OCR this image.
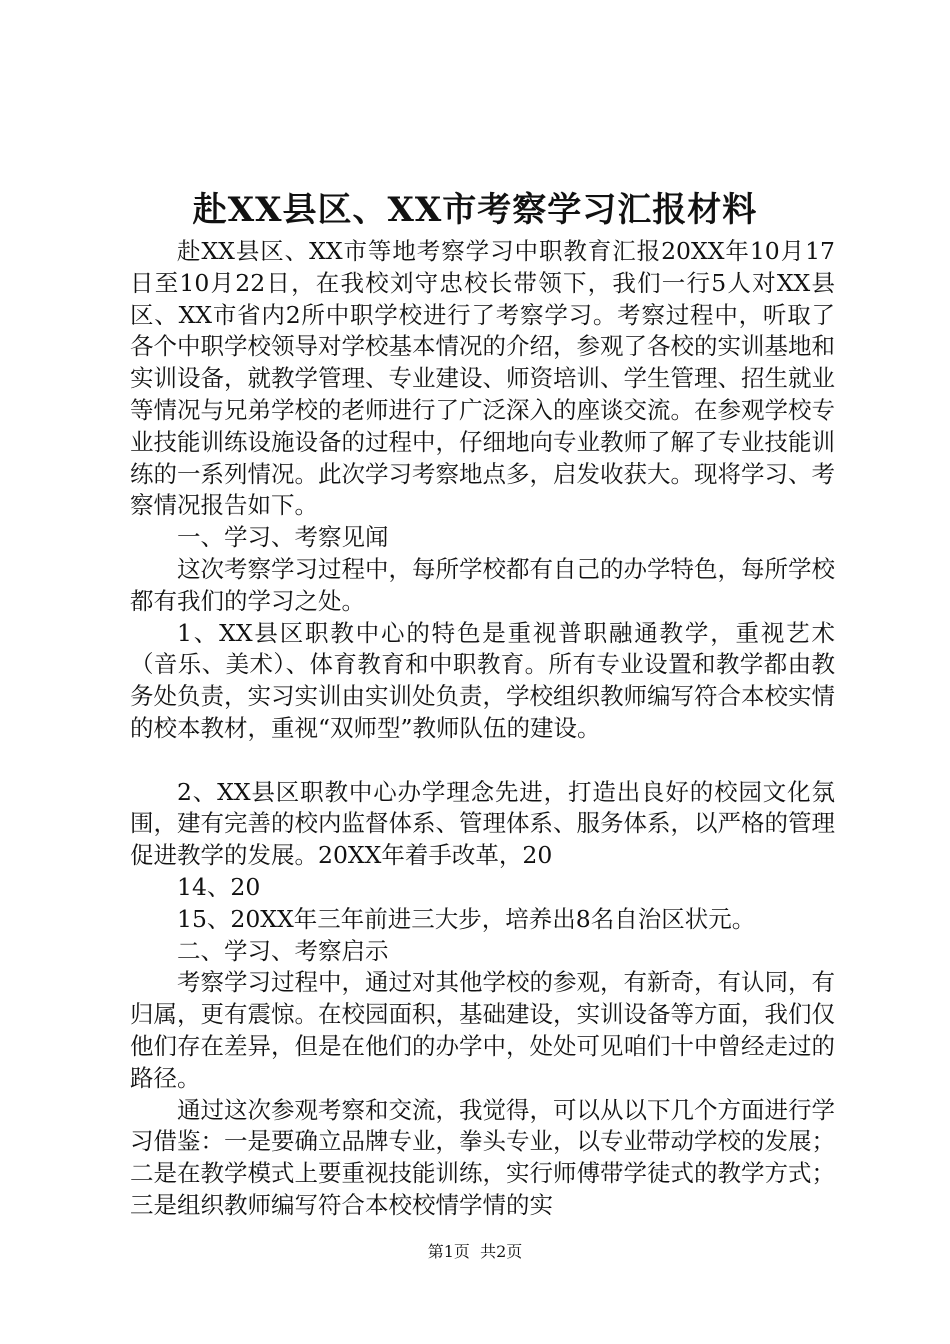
赴XX县区、XX市考察学习汇报材料

赴XX县区、XX市等地考察学习中职教育汇报20XX年10月17日至10月22日，在我校刘守忠校长带领下，我们一行5人对XX县区、XX市省内2所中职学校进行了考察学习。考察过程中，听取了各个中职学校领导对学校基本情况的介绍，参观了各校的实训基地和实训设备，就教学管理、专业建设、师资培训、学生管理、招生就业等情况与兄弟学校的老师进行了广泛深入的座谈交流。在参观学校专业技能训练设施设备的过程中，仔细地向专业教师了解了专业技能训练的一系列情况。此次学习考察地点多，启发收获大。现将学习、考察情况报告如下。

一、学习、考察见闻

这次考察学习过程中，每所学校都有自己的办学特色，每所学校都有我们的学习之处。

1、XX县区职教中心的特色是重视普职融通教学，重视艺术（音乐、美术）、体育教育和中职教育。所有专业设置和教学都由教务处负责，实习实训由实训处负责，学校组织教师编写符合本校实情的校本教材，重视“双师型”教师队伍的建设。

2、XX县区职教中心办学理念先进，打造出良好的校园文化氛围，建有完善的校内监督体系、管理体系、服务体系，以严格的管理促进教学的发展。20XX年着手改革，20

14、20

15、20XX年三年前进三大步，培养出8名自治区状元。

二、学习、考察启示

考察学习过程中，通过对其他学校的参观，有新奇，有认同，有归属，更有震惊。在校园面积，基础建设，实训设备等方面，我们仅他们存在差异，但是在他们的办学中，处处可见咱们十中曾经走过的路径。

通过这次参观考察和交流，我觉得，可以从以下几个方面进行学习借鉴：一是要确立品牌专业，拳头专业，以专业带动学校的发展；二是在教学模式上要重视技能训练，实行师傅带学徒式的教学方式；三是组织教师编写符合本校校情学情的实

第1页  共2页
